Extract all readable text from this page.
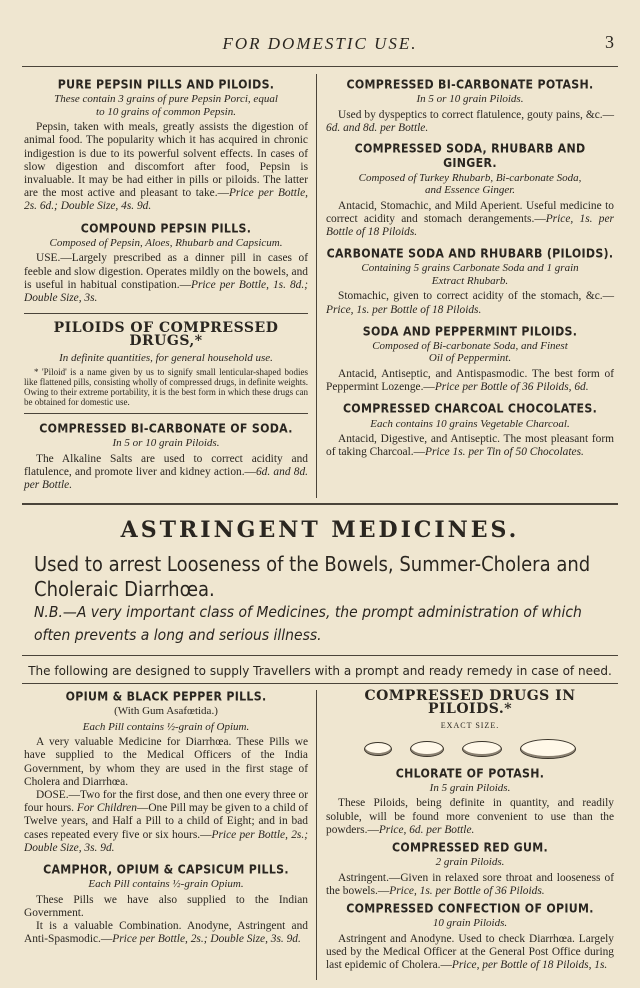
FOR DOMESTIC USE.	3
PURE PEPSIN PILLS AND PILOIDS.
These contain 3 grains of pure Pepsin Porci, equal
to 10 grains of common Pepsin.

Pepsin, taken with meals, greatly assists the digestion of animal food. The popularity which it has acquired in chronic indigestion is due to its powerful solvent effects. In cases of slow digestion and discomfort after food, Pepsin is invaluable. It may be had either in pills or piloids. The latter are the most active and pleasant to take.—Price per Bottle, 2s. 6d.; Double Size, 4s. 9d.

COMPOUND PEPSIN PILLS.
Composed of Pepsin, Aloes, Rhubarb and Capsicum.

USE.—Largely prescribed as a dinner pill in cases of feeble and slow digestion. Operates mildly on the bowels, and is useful in habitual constipation.—Price per Bottle, 1s. 8d.; Double Size, 3s.

PILOIDS OF COMPRESSED DRUGS,*
In definite quantities, for general household use.

* 'Piloid' is a name given by us to signify small lenticular-shaped bodies like flattened pills, consisting wholly of compressed drugs, in definite weights. Owing to their extreme portability, it is the best form in which these drugs can be obtained for domestic use.

COMPRESSED BI-CARBONATE OF SODA.
In 5 or 10 grain Piloids.

The Alkaline Salts are used to correct acidity and flatulence, and promote liver and kidney action.—6d. and 8d. per Bottle.

COMPRESSED BI-CARBONATE POTASH.
In 5 or 10 grain Piloids.

Used by dyspeptics to correct flatulence, gouty pains, &c.—6d. and 8d. per Bottle.

COMPRESSED SODA, RHUBARB AND GINGER.
Composed of Turkey Rhubarb, Bi-carbonate Soda,
and Essence Ginger.

Antacid, Stomachic, and Mild Aperient. Useful medicine to correct acidity and stomach derangements.—Price, 1s. per Bottle of 18 Piloids.

CARBONATE SODA AND RHUBARB (PILOIDS).
Containing 5 grains Carbonate Soda and 1 grain
Extract Rhubarb.

Stomachic, given to correct acidity of the stomach, &c.—Price, 1s. per Bottle of 18 Piloids.

SODA AND PEPPERMINT PILOIDS.
Composed of Bi-carbonate Soda, and Finest
Oil of Peppermint.

Antacid, Antiseptic, and Antispasmodic. The best form of Peppermint Lozenge.—Price per Bottle of 36 Piloids, 6d.

COMPRESSED CHARCOAL CHOCOLATES.
Each contains 10 grains Vegetable Charcoal.

Antacid, Digestive, and Antiseptic. The most pleasant form of taking Charcoal.—Price 1s. per Tin of 50 Chocolates.

ASTRINGENT MEDICINES.
Used to arrest Looseness of the Bowels, Summer-Cholera and Choleraic Diarrhœa.
N.B.—A very important class of Medicines, the prompt administration of which often prevents a long and serious illness.
The following are designed to supply Travellers with a prompt and ready remedy in case of need.
OPIUM & BLACK PEPPER PILLS.
(With Gum Asafœtida.)
Each Pill contains ½-grain of Opium.

A very valuable Medicine for Diarrhœa. These Pills we have supplied to the Medical Officers of the India Government, by whom they are used in the first stage of Cholera and Diarrhœa.

DOSE.—Two for the first dose, and then one every three or four hours. For Children—One Pill may be given to a child of Twelve years, and Half a Pill to a child of Eight; and in bad cases repeated every five or six hours.—Price per Bottle, 2s.; Double Size, 3s. 9d.

CAMPHOR, OPIUM & CAPSICUM PILLS.
Each Pill contains ½-grain Opium.

These Pills we have also supplied to the Indian Government.

It is a valuable Combination. Anodyne, Astringent and Anti-Spasmodic.—Price per Bottle, 2s.; Double Size, 3s. 9d.

COMPRESSED DRUGS IN PILOIDS.*
EXACT SIZE.
CHLORATE OF POTASH.
In 5 grain Piloids.

These Piloids, being definite in quantity, and readily soluble, will be found more convenient to use than the powders.—Price, 6d. per Bottle.

COMPRESSED RED GUM.
2 grain Piloids.

Astringent.—Given in relaxed sore throat and looseness of the bowels.—Price, 1s. per Bottle of 36 Piloids.

COMPRESSED CONFECTION OF OPIUM.
10 grain Piloids.

Astringent and Anodyne. Used to check Diarrhœa. Largely used by the Medical Officer at the General Post Office during last epidemic of Cholera.—Price, per Bottle of 18 Piloids, 1s.
